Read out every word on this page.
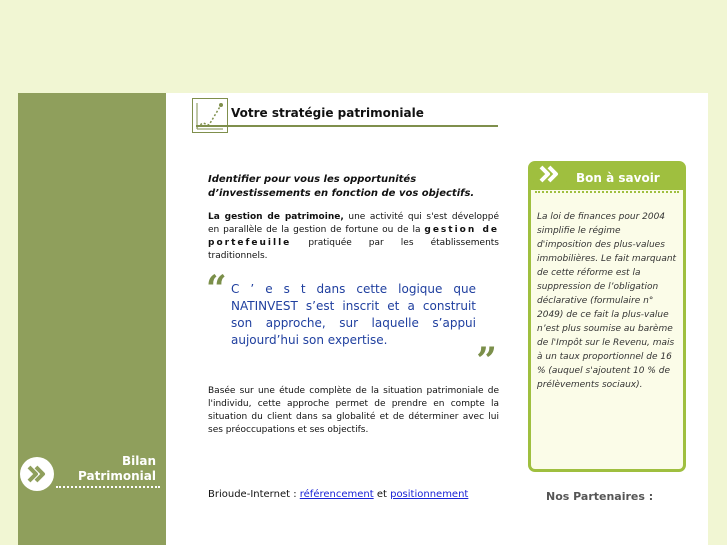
Bilan
Patrimonial
Votre stratégie patrimoniale

Identifier pour vous les opportunités
d’investissements en fonction de vos objectifs.

La gestion de patrimoine, une activité qui s'est développé en parallèle de la gestion de fortune ou de la gestion de portefeuille pratiquée par les établissements traditionnels.

“ C ’ e s t dans cette logique que NATINVEST s’est inscrit et a construit son approche, sur laquelle s’appui aujourd’hui son expertise.	”

Basée sur une étude complète de la situation patrimoniale de l'individu, cette approche permet de prendre en compte la situation du client dans sa globalité et de déterminer avec lui ses préoccupations et ses objectifs.

Brioude-Internet : référencement et positionnement
Bon à savoir
La loi de finances pour 2004 simplifie le régime d'imposition des plus-values immobilières. Le fait marquant de cette réforme est la suppression de l’obligation déclarative (formulaire n° 2049) de ce fait la plus-value n’est plus soumise au barème de l'Impôt sur le Revenu, mais à un taux proportionnel de 16 % (auquel s'ajoutent 10 % de prélèvements sociaux).
Nos Partenaires :
